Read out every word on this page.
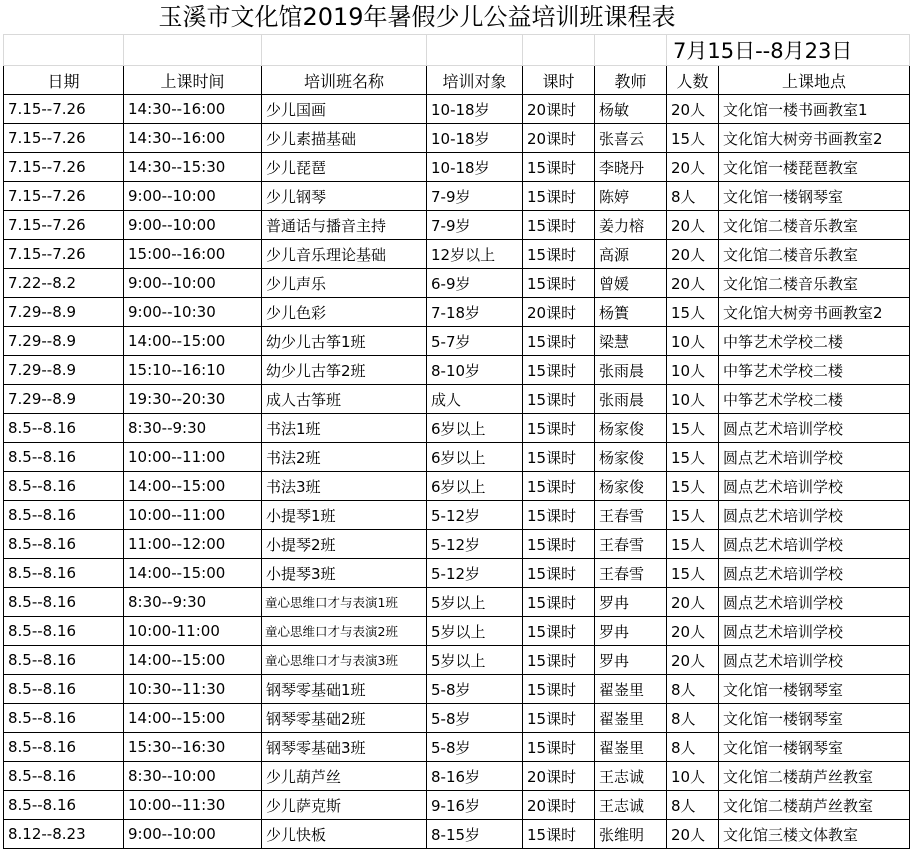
玉溪市文化馆2019年暑假少儿公益培训班课程表
						7月15日--8月23日	
日期	上课时间	培训班名称	培训对象	课时	教师	人数	上课地点
7.15--7.26	14:30--16:00	少儿国画	10-18岁	20课时	杨敏	20人	文化馆一楼书画教室1
7.15--7.26	14:30--16:00	少儿素描基础	10-18岁	20课时	张喜云	15人	文化馆大树旁书画教室2
7.15--7.26	14:30--15:30	少儿琵琶	10-18岁	15课时	李晓丹	20人	文化馆一楼琵琶教室
7.15--7.26	9:00--10:00	少儿钢琴	7-9岁	15课时	陈婷	8人	文化馆一楼钢琴室
7.15--7.26	9:00--10:00	普通话与播音主持	7-9岁	15课时	姜力榕	20人	文化馆二楼音乐教室
7.15--7.26	15:00--16:00	少儿音乐理论基础	12岁以上	15课时	高源	20人	文化馆二楼音乐教室
7.22--8.2	9:00--10:00	少儿声乐	6-9岁	15课时	曾媛	20人	文化馆二楼音乐教室
7.29--8.9	9:00--10:30	少儿色彩	7-18岁	20课时	杨簣	15人	文化馆大树旁书画教室2
7.29--8.9	14:00--15:00	幼少儿古筝1班	5-7岁	15课时	梁慧	10人	中筝艺术学校二楼
7.29--8.9	15:10--16:10	幼少儿古筝2班	8-10岁	15课时	张雨晨	10人	中筝艺术学校二楼
7.29--8.9	19:30--20:30	成人古筝班	成人	15课时	张雨晨	10人	中筝艺术学校二楼
8.5--8.16	8:30--9:30	书法1班	6岁以上	15课时	杨家俊	15人	圆点艺术培训学校
8.5--8.16	10:00--11:00	书法2班	6岁以上	15课时	杨家俊	15人	圆点艺术培训学校
8.5--8.16	14:00--15:00	书法3班	6岁以上	15课时	杨家俊	15人	圆点艺术培训学校
8.5--8.16	10:00--11:00	小提琴1班	5-12岁	15课时	王春雪	15人	圆点艺术培训学校
8.5--8.16	11:00--12:00	小提琴2班	5-12岁	15课时	王春雪	15人	圆点艺术培训学校
8.5--8.16	14:00--15:00	小提琴3班	5-12岁	15课时	王春雪	15人	圆点艺术培训学校
8.5--8.16	8:30--9:30	童心思维口才与表演1班	5岁以上	15课时	罗冉	20人	圆点艺术培训学校
8.5--8.16	10:00-11:00	童心思维口才与表演2班	5岁以上	15课时	罗冉	20人	圆点艺术培训学校
8.5--8.16	14:00--15:00	童心思维口才与表演3班	5岁以上	15课时	罗冉	20人	圆点艺术培训学校
8.5--8.16	10:30--11:30	钢琴零基础1班	5-8岁	15课时	翟崟里	8人	文化馆一楼钢琴室
8.5--8.16	14:00--15:00	钢琴零基础2班	5-8岁	15课时	翟崟里	8人	文化馆一楼钢琴室
8.5--8.16	15:30--16:30	钢琴零基础3班	5-8岁	15课时	翟崟里	8人	文化馆一楼钢琴室
8.5--8.16	8:30--10:00	少儿葫芦丝	8-16岁	20课时	王志诚	10人	文化馆二楼葫芦丝教室
8.5--8.16	10:00--11:30	少儿萨克斯	9-16岁	20课时	王志诚	8人	文化馆二楼葫芦丝教室
8.12--8.23	9:00--10:00	少儿快板	8-15岁	15课时	张维明	20人	文化馆三楼文体教室
